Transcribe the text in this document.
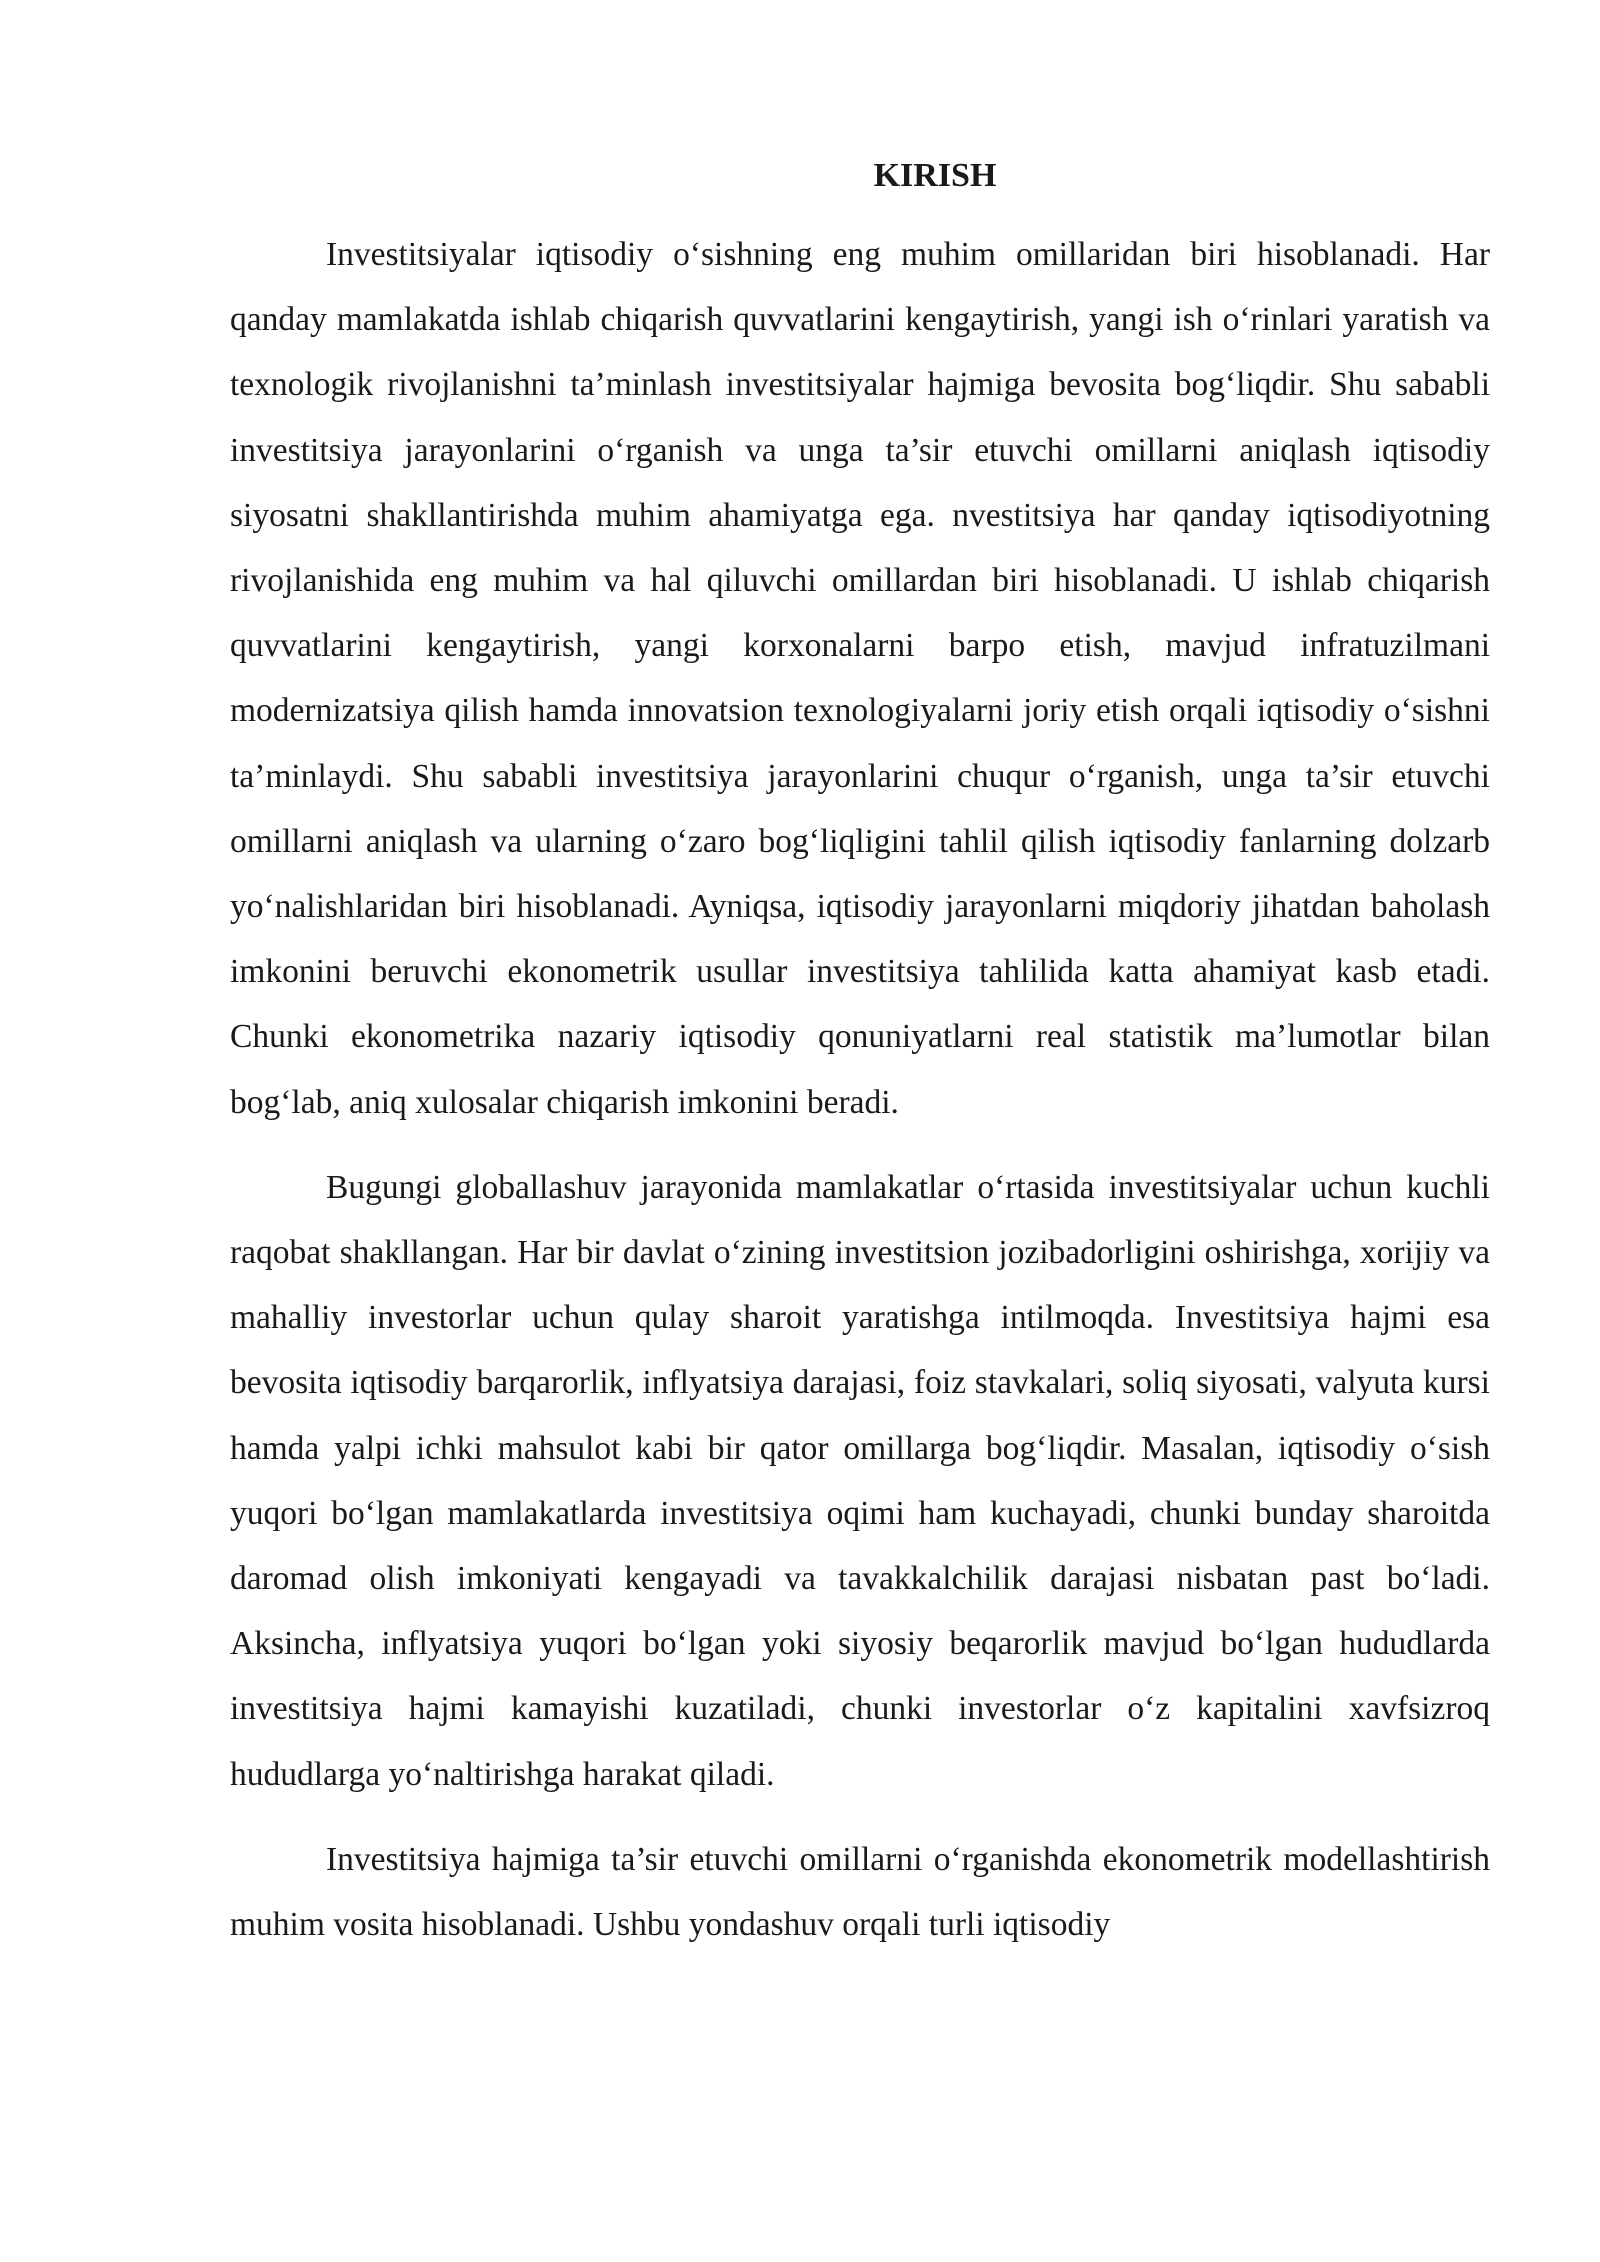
KIRISH

Investitsiyalar iqtisodiy o‘sishning eng muhim omillaridan biri hisoblanadi. Har qanday mamlakatda ishlab chiqarish quvvatlarini kengaytirish, yangi ish o‘rinlari yaratish va texnologik rivojlanishni ta’minlash investitsiyalar hajmiga bevosita bog‘liqdir. Shu sababli investitsiya jarayonlarini o‘rganish va unga ta’sir etuvchi omillarni aniqlash iqtisodiy siyosatni shakllantirishda muhim ahamiyatga ega. nvestitsiya har qanday iqtisodiyotning rivojlanishida eng muhim va hal qiluvchi omillardan biri hisoblanadi. U ishlab chiqarish quvvatlarini kengaytirish, yangi korxonalarni barpo etish, mavjud infratuzilmani modernizatsiya qilish hamda innovatsion texnologiyalarni joriy etish orqali iqtisodiy o‘sishni ta’minlaydi. Shu sababli investitsiya jarayonlarini chuqur o‘rganish, unga ta’sir etuvchi omillarni aniqlash va ularning o‘zaro bog‘liqligini tahlil qilish iqtisodiy fanlarning dolzarb yo‘nalishlaridan biri hisoblanadi. Ayniqsa, iqtisodiy jarayonlarni miqdoriy jihatdan baholash imkonini beruvchi ekonometrik usullar investitsiya tahlilida katta ahamiyat kasb etadi. Chunki ekonometrika nazariy iqtisodiy qonuniyatlarni real statistik ma’lumotlar bilan bog‘lab, aniq xulosalar chiqarish imkonini beradi.

Bugungi globallashuv jarayonida mamlakatlar o‘rtasida investitsiyalar uchun kuchli raqobat shakllangan. Har bir davlat o‘zining investitsion jozibadorligini oshirishga, xorijiy va mahalliy investorlar uchun qulay sharoit yaratishga intilmoqda. Investitsiya hajmi esa bevosita iqtisodiy barqarorlik, inflyatsiya darajasi, foiz stavkalari, soliq siyosati, valyuta kursi hamda yalpi ichki mahsulot kabi bir qator omillarga bog‘liqdir. Masalan, iqtisodiy o‘sish yuqori bo‘lgan mamlakatlarda investitsiya oqimi ham kuchayadi, chunki bunday sharoitda daromad olish imkoniyati kengayadi va tavakkalchilik darajasi nisbatan past bo‘ladi. Aksincha, inflyatsiya yuqori bo‘lgan yoki siyosiy beqarorlik mavjud bo‘lgan hududlarda investitsiya hajmi kamayishi kuzatiladi, chunki investorlar o‘z kapitalini xavfsizroq hududlarga yo‘naltirishga harakat qiladi.

Investitsiya hajmiga ta’sir etuvchi omillarni o‘rganishda ekonometrik modellashtirish muhim vosita hisoblanadi. Ushbu yondashuv orqali turli iqtisodiy
